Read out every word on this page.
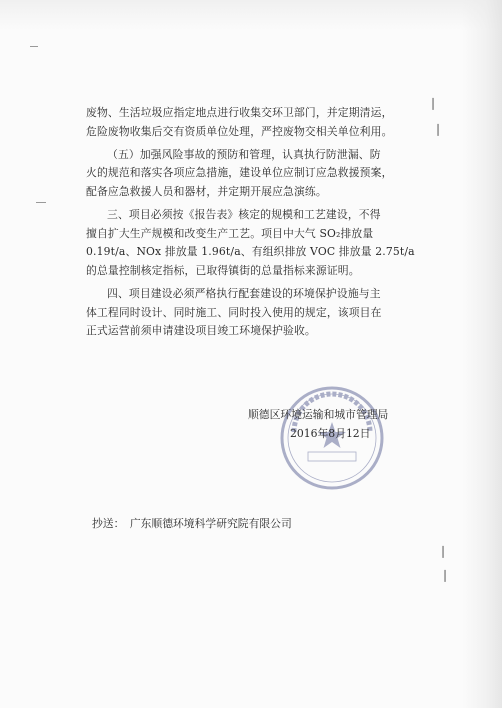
废物、生活垃圾应指定地点进行收集交环卫部门，并定期清运，
危险废物收集后交有资质单位处理，严控废物交相关单位利用。

（五）加强风险事故的预防和管理，认真执行防泄漏、防
火的规范和落实各项应急措施，建设单位应制订应急救援预案，
配备应急救援人员和器材，并定期开展应急演练。

三、项目必须按《报告表》核定的规模和工艺建设，不得
擅自扩大生产规模和改变生产工艺。项目中大气 SO₂排放量
0.19t/a、NOx 排放量 1.96t/a、有组织排放 VOC 排放量 2.75t/a
的总量控制核定指标，已取得镇街的总量指标来源证明。

四、项目建设必须严格执行配套建设的环境保护设施与主
体工程同时设计、同时施工、同时投入使用的规定，该项目在
正式运营前须申请建设项目竣工环境保护验收。

顺德区环境运输和城市管理局
2016年8月12日
抄送： 广东顺德环境科学研究院有限公司
❘
❘
❘
❘
